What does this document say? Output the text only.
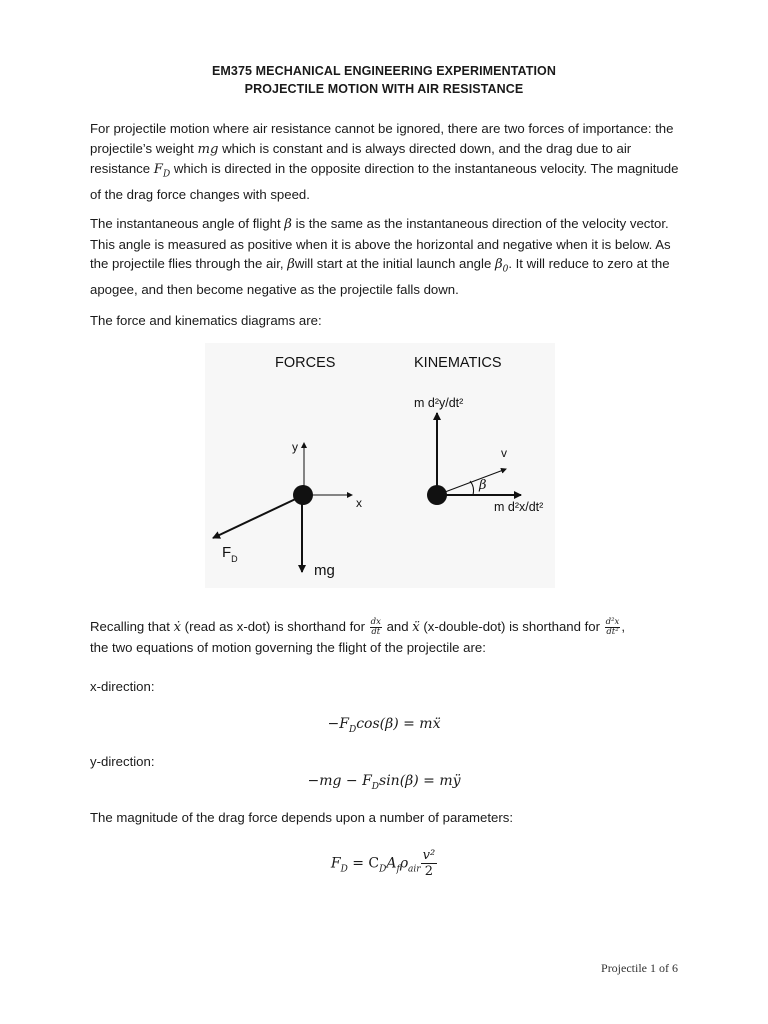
EM375 MECHANICAL ENGINEERING EXPERIMENTATION
PROJECTILE MOTION WITH AIR RESISTANCE

For projectile motion where air resistance cannot be ignored, there are two forces of importance: the projectile’s weight mg which is constant and is always directed down, and the drag due to air resistance $F_D$ which is directed in the opposite direction to the instantaneous velocity. The magnitude of the drag force changes with speed.

The instantaneous angle of flight β is the same as the instantaneous direction of the velocity vector. This angle is measured as positive when it is above the horizontal and negative when it is below. As the projectile flies through the air, βwill start at the initial launch angle $\beta_0$. It will reduce to zero at the apogee, and then become negative as the projectile falls down.

The force and kinematics diagrams are:
FORCES	KINEMATICS
y
x
$F_D$
mg
m d²y/dt²
v
β
m d²x/dt²

Recalling that ẋ (read as x-dot) is shorthand for $\frac{dx}{dt}$ and ẍ (x-double-dot) is shorthand for $\frac{\text{d²x}}{\text{dt²}}$ ,

the two equations of motion governing the flight of the projectile are:

x-direction:
$-F_D\cos(\beta)$ = mẍ
y-direction:
$-mg - F_D\sin(\beta)$ = mÿ
The magnitude of the drag force depends upon a number of parameters:
$F_D = C_DA_f\rho_{air} \frac{\text{v²}}{2}$
Projectile 1 of 6
